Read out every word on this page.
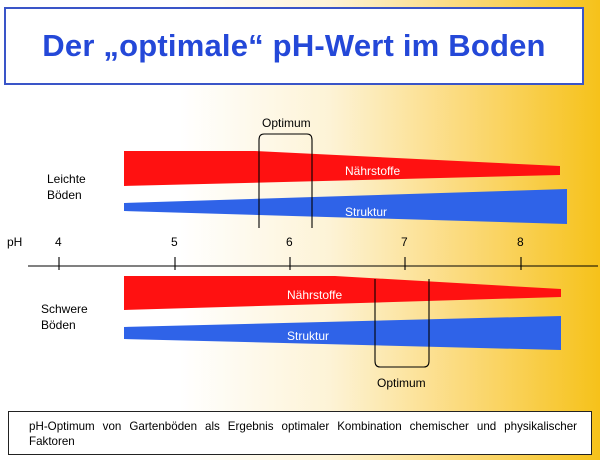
Der „optimale“ pH-Wert im Boden
Nährstoffe
Struktur
Optimum
Leichte
Böden
pH	4	5	6	7	8
Nährstoffe
Struktur
Optimum
Schwere
Böden
pH-Optimum von Gartenböden als Ergebnis optimaler Kombination chemischer und physikalischer Faktoren
